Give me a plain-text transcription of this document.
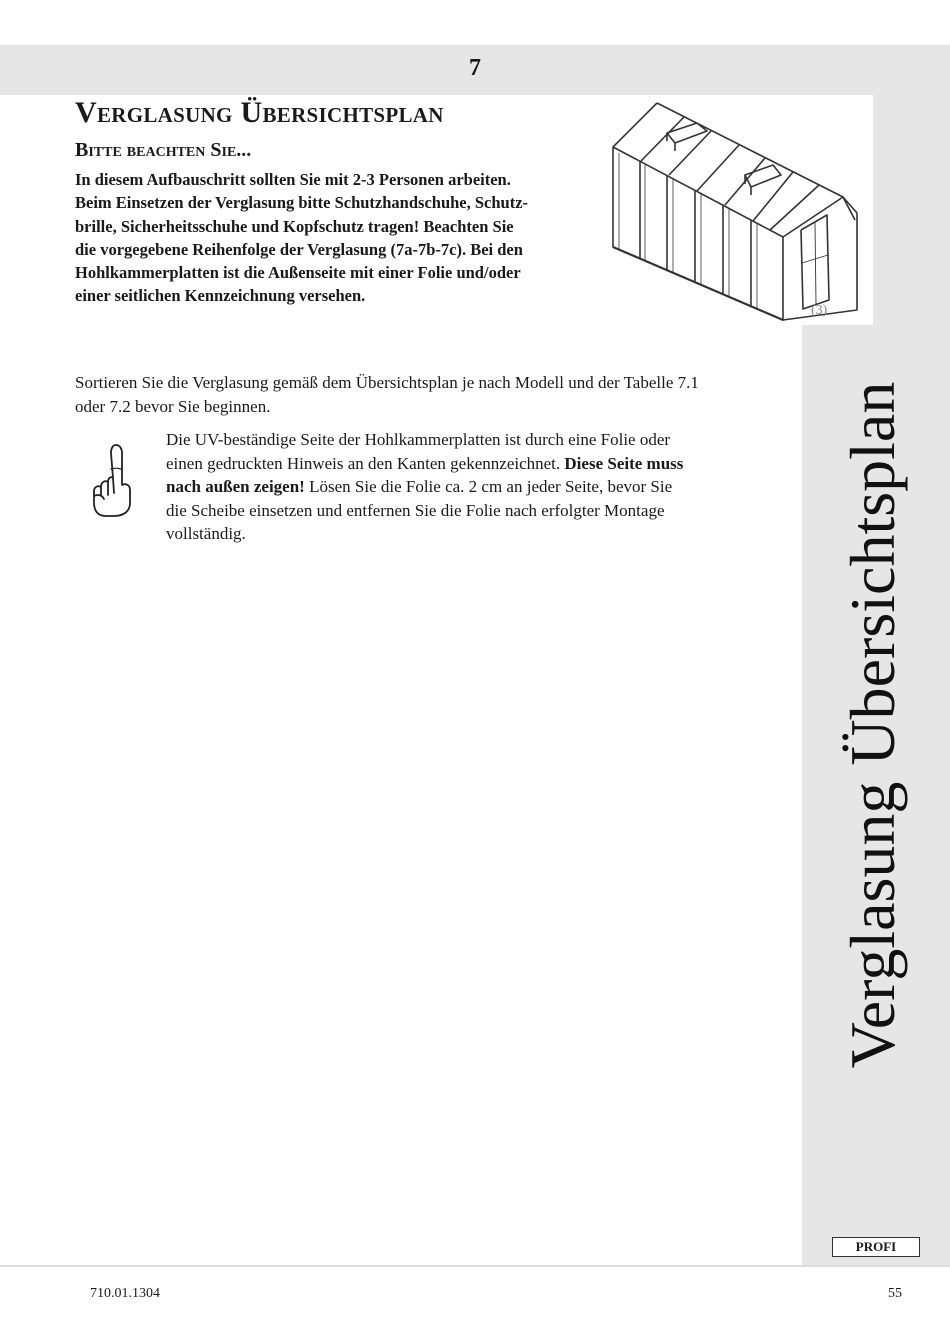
7
(3)
Verglasung Übersichtsplan
Bitte beachten Sie...
In diesem Aufbauschritt sollten Sie mit 2-3 Personen arbeiten.
Beim Einsetzen der Verglasung bitte Schutzhandschuhe, Schutz-
brille, Sicherheitsschuhe und Kopfschutz tragen! Beachten Sie
die vorgegebene Reihenfolge der Verglasung (7a-7b-7c). Bei den
Hohlkammerplatten ist die Außenseite mit einer Folie und/oder
einer seitlichen Kennzeichnung versehen.
Sortieren Sie die Verglasung gemäß dem Übersichtsplan je nach Modell und der Tabelle 7.1
oder 7.2 bevor Sie beginnen.
Die UV-beständige Seite der Hohlkammerplatten ist durch eine Folie oder
einen gedruckten Hinweis an den Kanten gekennzeichnet. Diese Seite muss
nach außen zeigen! Lösen Sie die Folie ca. 2 cm an jeder Seite, bevor Sie
die Scheibe einsetzen und entfernen Sie die Folie nach erfolgter Montage
vollständig.	Verglasung Übersichtsplan
PROFI
710.01.1304	55
